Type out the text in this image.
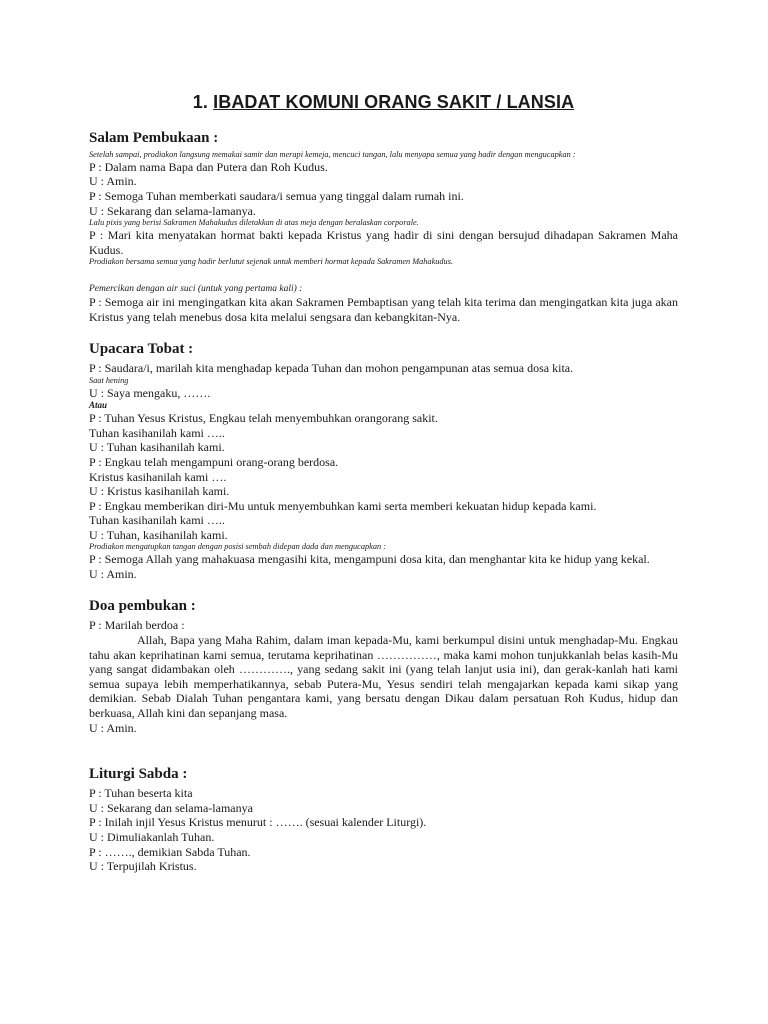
1. IBADAT KOMUNI ORANG SAKIT / LANSIA

Salam Pembukaan :

Setelah sampai, prodiakon langsung memakai samir dan merapi kemeja, mencuci tangan, lalu menyapa semua yang hadir dengan mengucapkan :

P : Dalam nama Bapa dan Putera dan Roh Kudus.

U : Amin.

P : Semoga Tuhan memberkati saudara/i semua yang tinggal dalam rumah ini.

U : Sekarang dan selama-lamanya.

Lalu pixis yang berisi Sakramen Mahakudus diletakkan di atas meja dengan beralaskan corporale.

P : Mari kita menyatakan hormat bakti kepada Kristus yang hadir di sini dengan bersujud dihadapan Sakramen Maha Kudus.

Prodiakon bersama semua yang hadir berlutut sejenak untuk memberi hormat kepada Sakramen Mahakudus.

Pemercikan dengan air suci (untuk yang pertama kali) :

P : Semoga air ini mengingatkan kita akan Sakramen Pembaptisan yang telah kita terima dan mengingatkan kita juga akan Kristus yang telah menebus dosa kita melalui sengsara dan kebangkitan-Nya.

Upacara Tobat :

P : Saudara/i, marilah kita menghadap kepada Tuhan dan mohon pengampunan atas semua dosa kita.

Saat hening

U : Saya mengaku, …….

Atau

P : Tuhan Yesus Kristus, Engkau telah menyembuhkan orangorang sakit.

Tuhan kasihanilah kami …..

U : Tuhan kasihanilah kami.

P : Engkau telah mengampuni orang-orang berdosa.

Kristus kasihanilah kami ….

U : Kristus kasihanilah kami.

P : Engkau memberikan diri-Mu untuk menyembuhkan kami serta memberi kekuatan hidup kepada kami.

Tuhan kasihanilah kami …..

U : Tuhan, kasihanilah kami.

Prodiakon mengatupkan tangan dengan posisi sembah didepan dada dan mengucapkan :

P : Semoga Allah yang mahakuasa mengasihi kita, mengampuni dosa kita, dan menghantar kita ke hidup yang kekal.

U : Amin.

Doa pembukan :

P : Marilah berdoa :

Allah, Bapa yang Maha Rahim, dalam iman kepada-Mu, kami berkumpul disini untuk menghadap-Mu. Engkau tahu akan keprihatinan kami semua, terutama keprihatinan ……………, maka kami mohon tunjukkanlah belas kasih-Mu yang sangat didambakan oleh …………., yang sedang sakit ini (yang telah lanjut usia ini), dan gerak-kanlah hati kami semua supaya lebih memperhatikannya, sebab Putera-Mu, Yesus sendiri telah mengajarkan kepada kami sikap yang demikian. Sebab Dialah Tuhan pengantara kami, yang bersatu dengan Dikau dalam persatuan Roh Kudus, hidup dan berkuasa, Allah kini dan sepanjang masa.

U : Amin.

Liturgi Sabda :

P : Tuhan beserta kita

U : Sekarang dan selama-lamanya

P : Inilah injil Yesus Kristus menurut : ……. (sesuai kalender Liturgi).

U : Dimuliakanlah Tuhan.

P : ……., demikian Sabda Tuhan.

U : Terpujilah Kristus.
